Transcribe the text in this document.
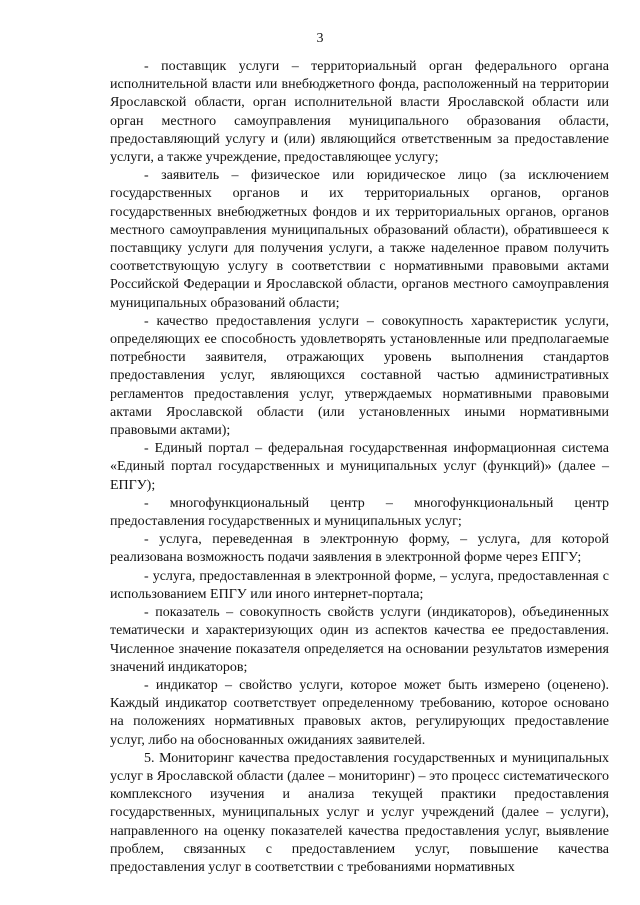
3

- поставщик услуги – территориальный орган федерального органа исполнительной власти или внебюджетного фонда, расположенный на территории Ярославской области, орган исполнительной власти Ярославской области или орган местного самоуправления муниципального образования области, предоставляющий услугу и (или) являющийся ответственным за предоставление услуги, а также учреждение, предоставляющее услугу;

- заявитель – физическое или юридическое лицо (за исключением государственных органов и их территориальных органов, органов государственных внебюджетных фондов и их территориальных органов, органов местного самоуправления муниципальных образований области), обратившееся к поставщику услуги для получения услуги, а также наделенное правом получить соответствующую услугу в соответствии с нормативными правовыми актами Российской Федерации и Ярославской области, органов местного самоуправления муниципальных образований области;

- качество предоставления услуги – совокупность характеристик услуги, определяющих ее способность удовлетворять установленные или предполагаемые потребности заявителя, отражающих уровень выполнения стандартов предоставления услуг, являющихся составной частью административных регламентов предоставления услуг, утверждаемых нормативными правовыми актами Ярославской области (или установленных иными нормативными правовыми актами);

- Единый портал – федеральная государственная информационная система «Единый портал государственных и муниципальных услуг (функций)» (далее – ЕПГУ);

- многофункциональный центр – многофункциональный центр предоставления государственных и муниципальных услуг;

- услуга, переведенная в электронную форму, – услуга, для которой реализована возможность подачи заявления в электронной форме через ЕПГУ;

- услуга, предоставленная в электронной форме, – услуга, предоставленная с использованием ЕПГУ или иного интернет-портала;

- показатель – совокупность свойств услуги (индикаторов), объединенных тематически и характеризующих один из аспектов качества ее предоставления. Численное значение показателя определяется на основании результатов измерения значений индикаторов;

- индикатор – свойство услуги, которое может быть измерено (оценено). Каждый индикатор соответствует определенному требованию, которое основано на положениях нормативных правовых актов, регулирующих предоставление услуг, либо на обоснованных ожиданиях заявителей.

5. Мониторинг качества предоставления государственных и муниципальных услуг в Ярославской области (далее – мониторинг) – это процесс систематического комплексного изучения и анализа текущей практики предоставления государственных, муниципальных услуг и услуг учреждений (далее – услуги), направленного на оценку показателей качества предоставления услуг, выявление проблем, связанных с предоставлением услуг, повышение качества предоставления услуг в соответствии с требованиями нормативных
